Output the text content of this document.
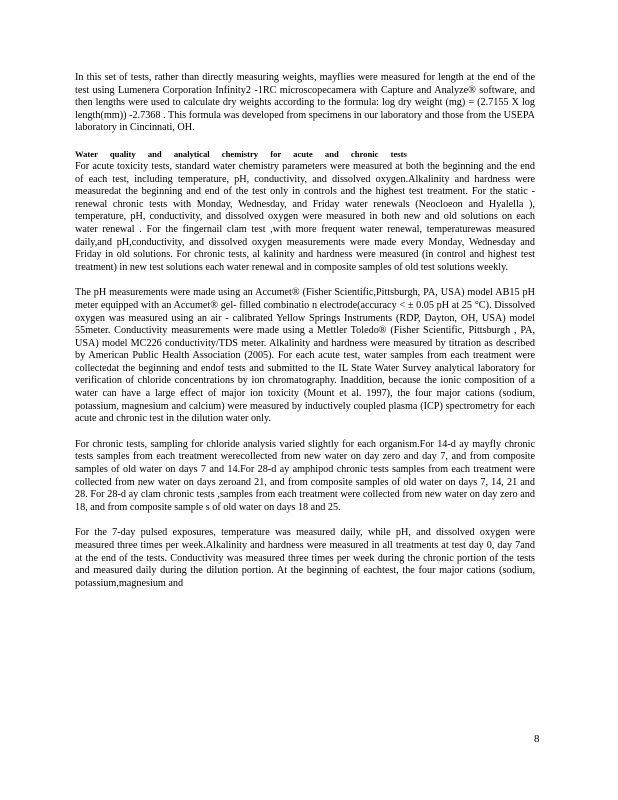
In this set of tests, rather than directly measuring weights, mayflies were measured for length at the end of the test using Lumenera Corporation Infinity2 -1RC microscopecamera with Capture and Analyze® software, and then lengths were used to calculate dry weights according to the formula: log dry weight (mg) = (2.7155 X log length(mm)) -2.7368 . This formula was developed from specimens in our laboratory and those from the USEPA laboratory in Cincinnati, OH.

Water quality and analytical chemistry for acute and chronic tests

For acute toxicity tests, standard water chemistry parameters were measured at both the beginning and the end of each test, including temperature, pH, conductivity, and dissolved oxygen.Alkalinity and hardness were measuredat the beginning and end of the test only in controls and the highest test treatment. For the static -renewal chronic tests with Monday, Wednesday, and Friday water renewals (Neocloeon and Hyalella ), temperature, pH, conductivity, and dissolved oxygen were measured in both new and old solutions on each water renewal . For the fingernail clam test ,with more frequent water renewal, temperaturewas measured daily,and pH,conductivity, and dissolved oxygen measurements were made every Monday, Wednesday and Friday in old solutions. For chronic tests, al kalinity and hardness were measured (in control and highest test treatment) in new test solutions each water renewal and in composite samples of old test solutions weekly.

The pH measurements were made using an Accumet® (Fisher Scientific,Pittsburgh, PA, USA) model AB15 pH meter equipped with an Accumet® gel- filled combinatio n electrode(accuracy < ± 0.05 pH at 25 °C). Dissolved oxygen was measured using an air - calibrated Yellow Springs Instruments (RDP, Dayton, OH, USA) model 55meter. Conductivity measurements were made using a Mettler Toledo® (Fisher Scientific, Pittsburgh , PA, USA) model MC226 conductivity/TDS meter. Alkalinity and hardness were measured by titration as described by American Public Health Association (2005). For each acute test, water samples from each treatment were collectedat the beginning and endof tests and submitted to the IL State Water Survey analytical laboratory for verification of chloride concentrations by ion chromatography. Inaddition, because the ionic composition of a water can have a large effect of major ion toxicity (Mount et al. 1997), the four major cations (sodium, potassium, magnesium and calcium) were measured by inductively coupled plasma (ICP) spectrometry for each acute and chronic test in the dilution water only.

For chronic tests, sampling for chloride analysis varied slightly for each organism.For 14-d ay mayfly chronic tests samples from each treatment werecollected from new water on day zero and day 7, and from composite samples of old water on days 7 and 14.For 28-d ay amphipod chronic tests samples from each treatment were collected from new water on days zeroand 21, and from composite samples of old water on days 7, 14, 21 and 28. For 28-d ay clam chronic tests ,samples from each treatment were collected from new water on day zero and 18, and from composite sample s of old water on days 18 and 25.

For the 7-day pulsed exposures, temperature was measured daily, while pH, and dissolved oxygen were measured three times per week.Alkalinity and hardness were measured in all treatments at test day 0, day 7and at the end of the tests. Conductivity was measured three times per week during the chronic portion of the tests and measured daily during the dilution portion. At the beginning of eachtest, the four major cations (sodium, potassium,magnesium and

8
